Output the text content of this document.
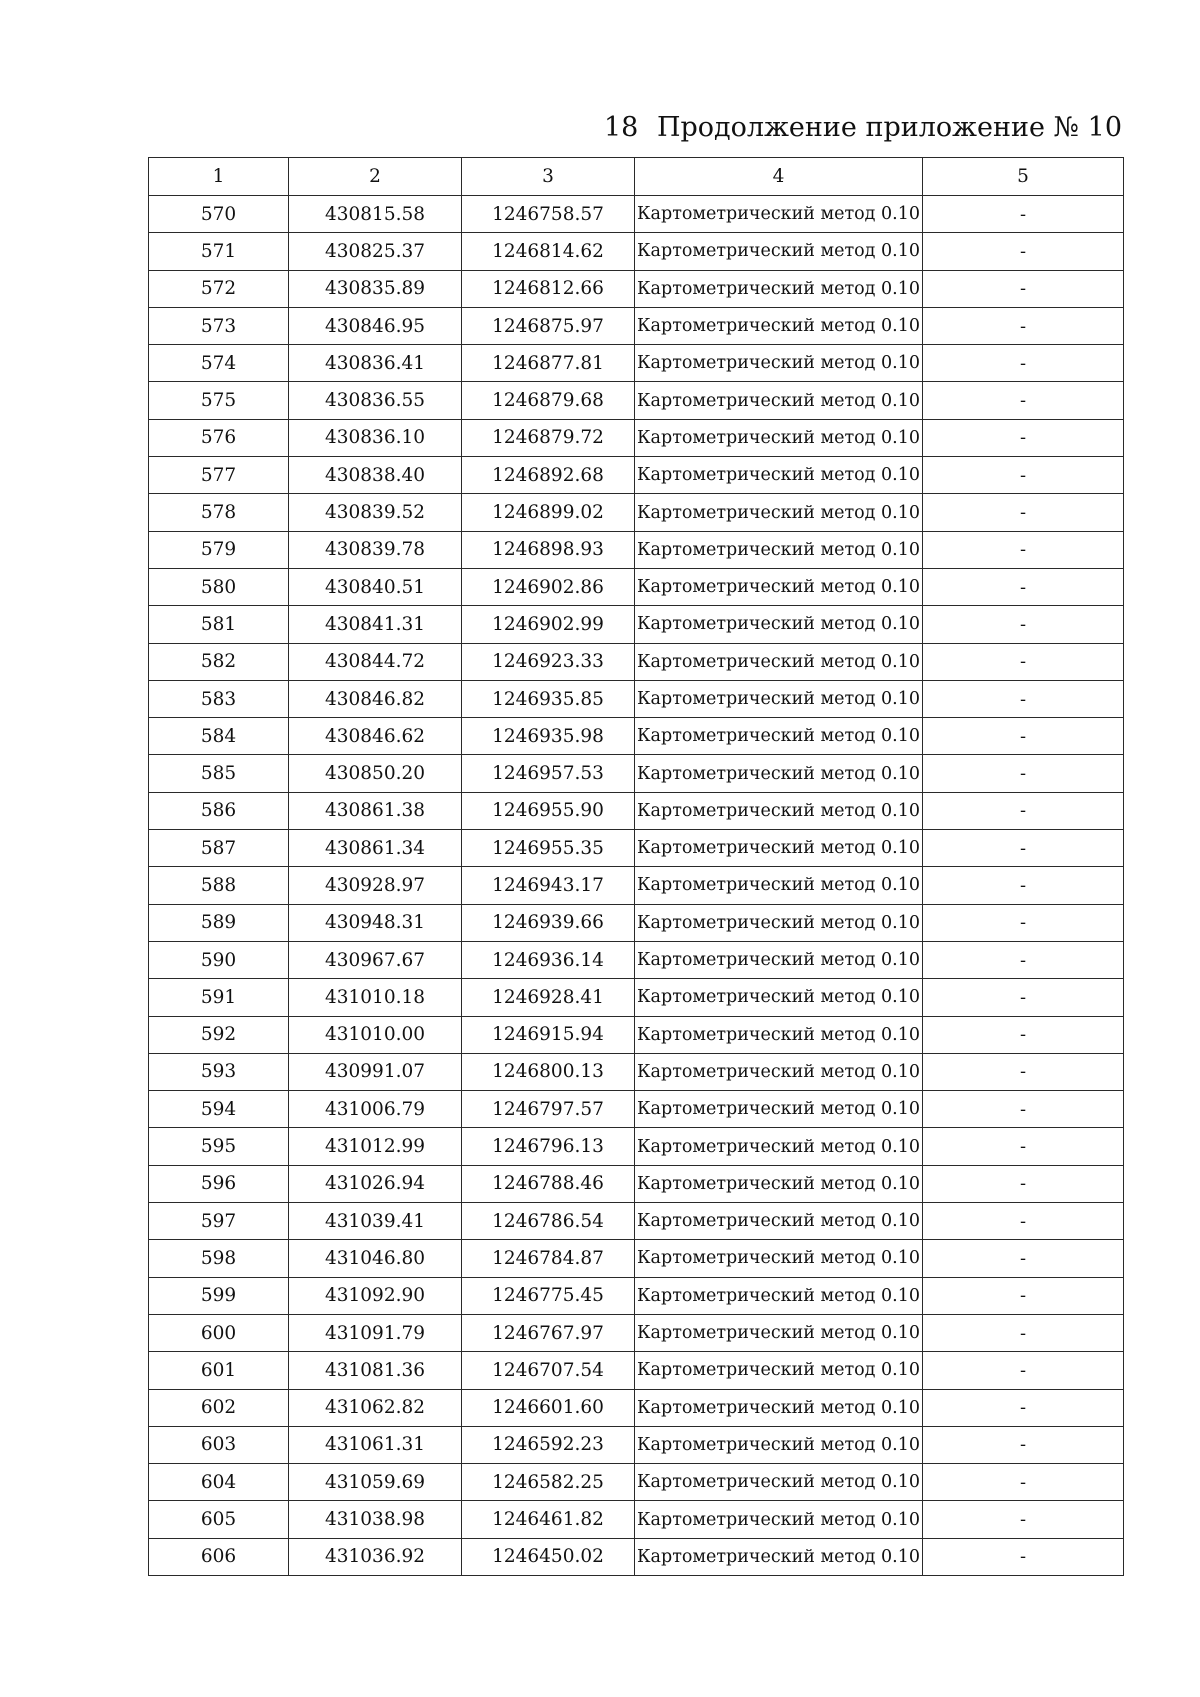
18 Продолжение приложение № 10
1	2	3	4	5
570	430815.58	1246758.57	Картометрический метод 0.10	-
571	430825.37	1246814.62	Картометрический метод 0.10	-
572	430835.89	1246812.66	Картометрический метод 0.10	-
573	430846.95	1246875.97	Картометрический метод 0.10	-
574	430836.41	1246877.81	Картометрический метод 0.10	-
575	430836.55	1246879.68	Картометрический метод 0.10	-
576	430836.10	1246879.72	Картометрический метод 0.10	-
577	430838.40	1246892.68	Картометрический метод 0.10	-
578	430839.52	1246899.02	Картометрический метод 0.10	-
579	430839.78	1246898.93	Картометрический метод 0.10	-
580	430840.51	1246902.86	Картометрический метод 0.10	-
581	430841.31	1246902.99	Картометрический метод 0.10	-
582	430844.72	1246923.33	Картометрический метод 0.10	-
583	430846.82	1246935.85	Картометрический метод 0.10	-
584	430846.62	1246935.98	Картометрический метод 0.10	-
585	430850.20	1246957.53	Картометрический метод 0.10	-
586	430861.38	1246955.90	Картометрический метод 0.10	-
587	430861.34	1246955.35	Картометрический метод 0.10	-
588	430928.97	1246943.17	Картометрический метод 0.10	-
589	430948.31	1246939.66	Картометрический метод 0.10	-
590	430967.67	1246936.14	Картометрический метод 0.10	-
591	431010.18	1246928.41	Картометрический метод 0.10	-
592	431010.00	1246915.94	Картометрический метод 0.10	-
593	430991.07	1246800.13	Картометрический метод 0.10	-
594	431006.79	1246797.57	Картометрический метод 0.10	-
595	431012.99	1246796.13	Картометрический метод 0.10	-
596	431026.94	1246788.46	Картометрический метод 0.10	-
597	431039.41	1246786.54	Картометрический метод 0.10	-
598	431046.80	1246784.87	Картометрический метод 0.10	-
599	431092.90	1246775.45	Картометрический метод 0.10	-
600	431091.79	1246767.97	Картометрический метод 0.10	-
601	431081.36	1246707.54	Картометрический метод 0.10	-
602	431062.82	1246601.60	Картометрический метод 0.10	-
603	431061.31	1246592.23	Картометрический метод 0.10	-
604	431059.69	1246582.25	Картометрический метод 0.10	-
605	431038.98	1246461.82	Картометрический метод 0.10	-
606	431036.92	1246450.02	Картометрический метод 0.10	-
